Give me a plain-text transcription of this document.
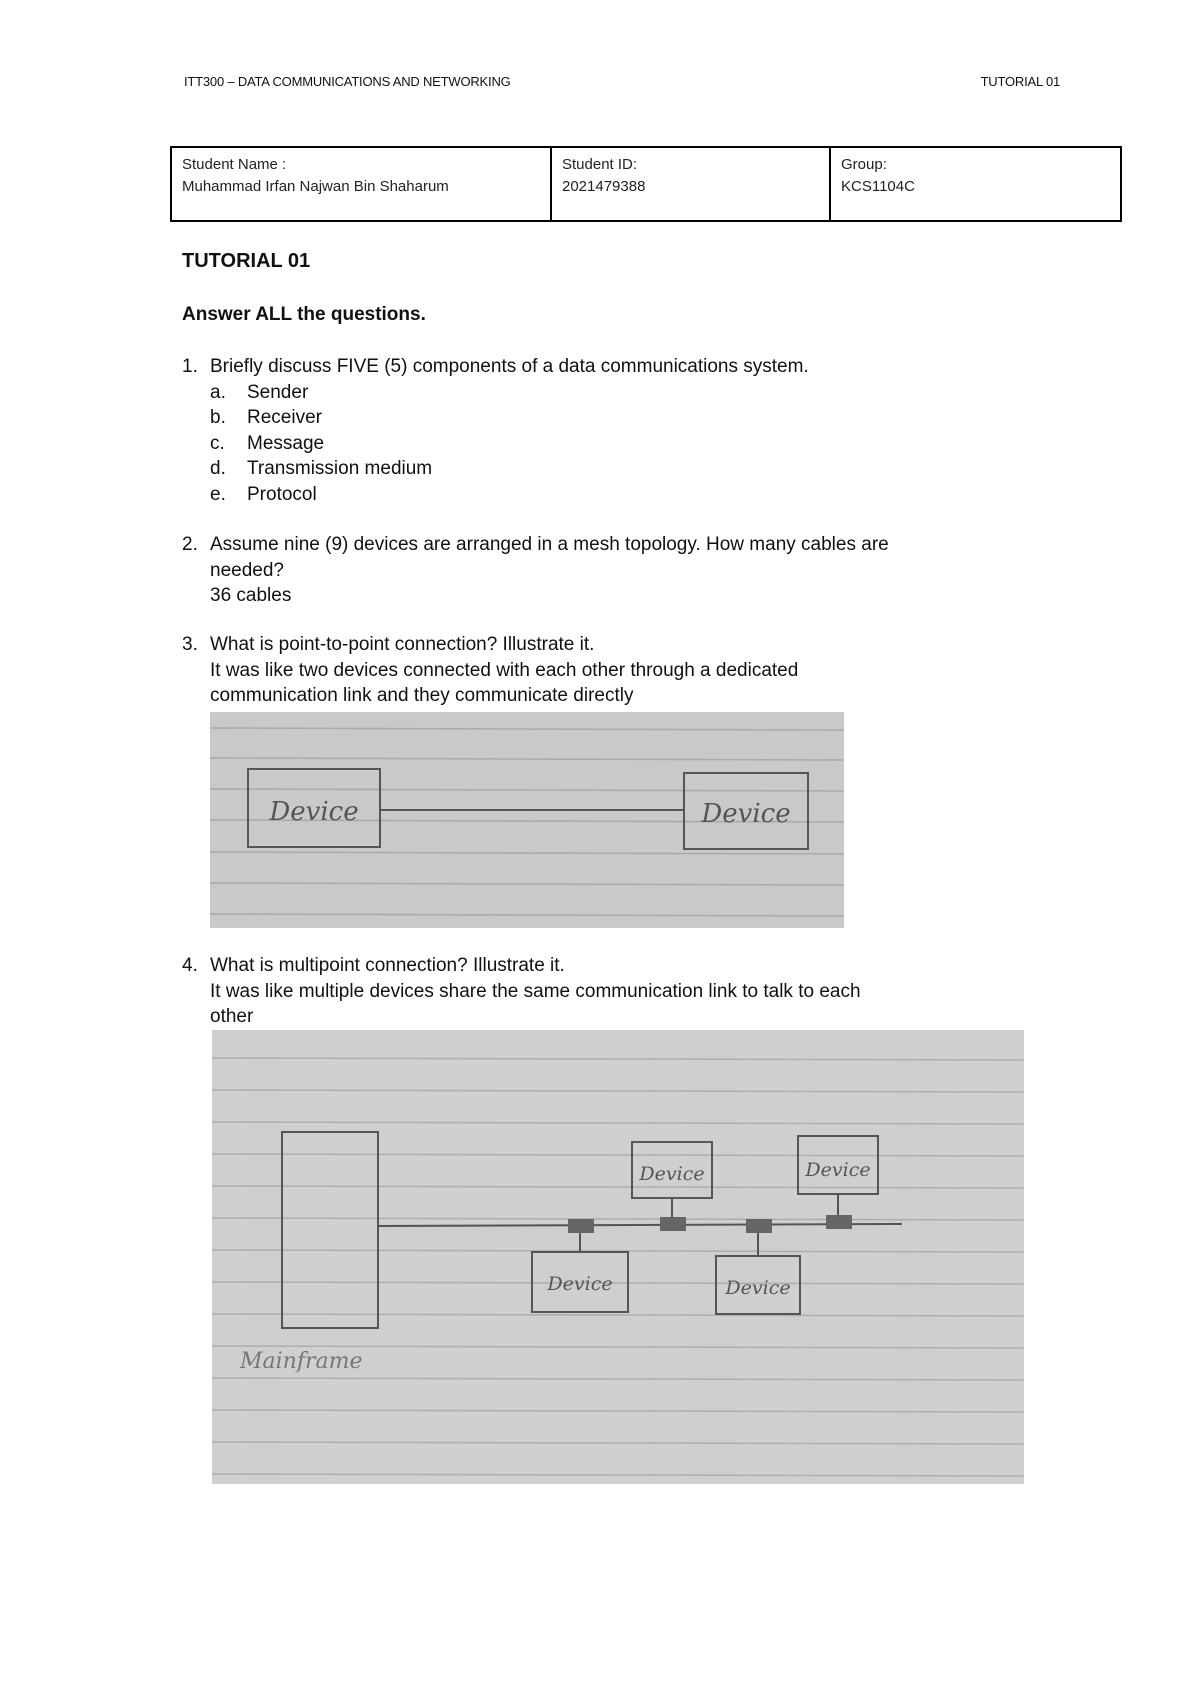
ITT300 – DATA COMMUNICATIONS AND NETWORKING	TUTORIAL 01
Student Name :
Muhammad Irfan Najwan Bin Shaharum

Student ID:
2021479388

Group:
KCS1104C
TUTORIAL 01
Answer ALL the questions.
1. Briefly discuss FIVE (5) components of a data communications system.
a.	Sender
b.	Receiver
c.	Message
d.	Transmission medium
e.	Protocol
2. Assume nine (9) devices are arranged in a mesh topology. How many cables are
needed?
36 cables
3. What is point-to-point connection? Illustrate it.
It was like two devices connected with each other through a dedicated
communication link and they communicate directly
Device	Device
4. What is multipoint connection? Illustrate it.
It was like multiple devices share the same communication link to talk to each
other
Device	Device
Device	Device
Mainframe
